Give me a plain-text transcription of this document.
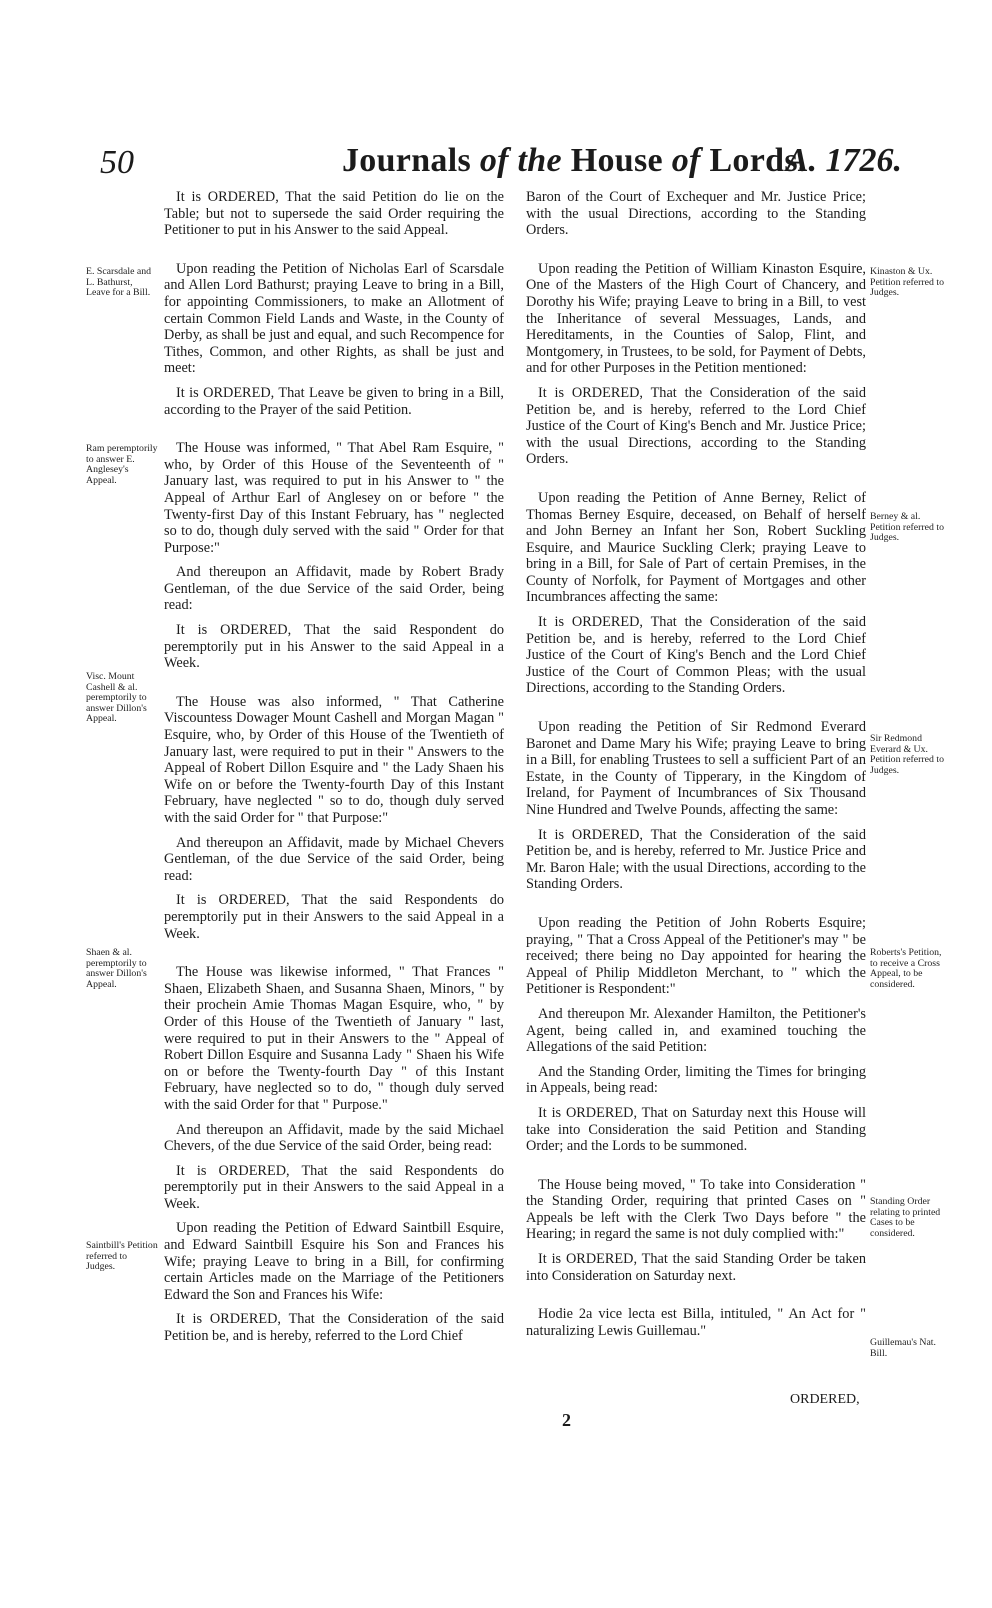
50	Journals of the House of Lords.
A. 1726.
E. Scarsdale and L. Bathurst, Leave for a Bill.
Ram peremptorily to answer E. Anglesey's Appeal.
Visc. Mount Cashell & al. peremptorily to answer Dillon's Appeal.
Shaen & al. peremptorily to answer Dillon's Appeal.
Saintbill's Petition referred to Judges.
Kinaston & Ux. Petition referred to Judges.
Berney & al. Petition referred to Judges.
Sir Redmond Everard & Ux. Petition referred to Judges.
Roberts's Petition, to receive a Cross Appeal, to be considered.
Standing Order relating to printed Cases to be considered.
Guillemau's Nat. Bill.

It is ORDERED, That the said Petition do lie on the Table; but not to supersede the said Order requiring the Petitioner to put in his Answer to the said Appeal.

Upon reading the Petition of Nicholas Earl of Scarsdale and Allen Lord Bathurst; praying Leave to bring in a Bill, for appointing Commissioners, to make an Allotment of certain Common Field Lands and Waste, in the County of Derby, as shall be just and equal, and such Recompence for Tithes, Common, and other Rights, as shall be just and meet:

It is ORDERED, That Leave be given to bring in a Bill, according to the Prayer of the said Petition.

The House was informed, " That Abel Ram Esquire, " who, by Order of this House of the Seventeenth of " January last, was required to put in his Answer to " the Appeal of Arthur Earl of Anglesey on or before " the Twenty-first Day of this Instant February, has " neglected so to do, though duly served with the said " Order for that Purpose:"

And thereupon an Affidavit, made by Robert Brady Gentleman, of the due Service of the said Order, being read:

It is ORDERED, That the said Respondent do peremptorily put in his Answer to the said Appeal in a Week.

The House was also informed, " That Catherine Viscountess Dowager Mount Cashell and Morgan Magan " Esquire, who, by Order of this House of the Twentieth of January last, were required to put in their " Answers to the Appeal of Robert Dillon Esquire and " the Lady Shaen his Wife on or before the Twenty-fourth Day of this Instant February, have neglected " so to do, though duly served with the said Order for " that Purpose:"

And thereupon an Affidavit, made by Michael Chevers Gentleman, of the due Service of the said Order, being read:

It is ORDERED, That the said Respondents do peremptorily put in their Answers to the said Appeal in a Week.

The House was likewise informed, " That Frances " Shaen, Elizabeth Shaen, and Susanna Shaen, Minors, " by their prochein Amie Thomas Magan Esquire, who, " by Order of this House of the Twentieth of January " last, were required to put in their Answers to the " Appeal of Robert Dillon Esquire and Susanna Lady " Shaen his Wife on or before the Twenty-fourth Day " of this Instant February, have neglected so to do, " though duly served with the said Order for that " Purpose."

And thereupon an Affidavit, made by the said Michael Chevers, of the due Service of the said Order, being read:

It is ORDERED, That the said Respondents do peremptorily put in their Answers to the said Appeal in a Week.

Upon reading the Petition of Edward Saintbill Esquire, and Edward Saintbill Esquire his Son and Frances his Wife; praying Leave to bring in a Bill, for confirming certain Articles made on the Marriage of the Petitioners Edward the Son and Frances his Wife:

It is ORDERED, That the Consideration of the said Petition be, and is hereby, referred to the Lord Chief

Baron of the Court of Exchequer and Mr. Justice Price; with the usual Directions, according to the Standing Orders.

Upon reading the Petition of William Kinaston Esquire, One of the Masters of the High Court of Chancery, and Dorothy his Wife; praying Leave to bring in a Bill, to vest the Inheritance of several Messuages, Lands, and Hereditaments, in the Counties of Salop, Flint, and Montgomery, in Trustees, to be sold, for Payment of Debts, and for other Purposes in the Petition mentioned:

It is ORDERED, That the Consideration of the said Petition be, and is hereby, referred to the Lord Chief Justice of the Court of King's Bench and Mr. Justice Price; with the usual Directions, according to the Standing Orders.

Upon reading the Petition of Anne Berney, Relict of Thomas Berney Esquire, deceased, on Behalf of herself and John Berney an Infant her Son, Robert Suckling Esquire, and Maurice Suckling Clerk; praying Leave to bring in a Bill, for Sale of Part of certain Premises, in the County of Norfolk, for Payment of Mortgages and other Incumbrances affecting the same:

It is ORDERED, That the Consideration of the said Petition be, and is hereby, referred to the Lord Chief Justice of the Court of King's Bench and the Lord Chief Justice of the Court of Common Pleas; with the usual Directions, according to the Standing Orders.

Upon reading the Petition of Sir Redmond Everard Baronet and Dame Mary his Wife; praying Leave to bring in a Bill, for enabling Trustees to sell a sufficient Part of an Estate, in the County of Tipperary, in the Kingdom of Ireland, for Payment of Incumbrances of Six Thousand Nine Hundred and Twelve Pounds, affecting the same:

It is ORDERED, That the Consideration of the said Petition be, and is hereby, referred to Mr. Justice Price and Mr. Baron Hale; with the usual Directions, according to the Standing Orders.

Upon reading the Petition of John Roberts Esquire; praying, " That a Cross Appeal of the Petitioner's may " be received; there being no Day appointed for hearing the Appeal of Philip Middleton Merchant, to " which the Petitioner is Respondent:"

And thereupon Mr. Alexander Hamilton, the Petitioner's Agent, being called in, and examined touching the Allegations of the said Petition:

And the Standing Order, limiting the Times for bringing in Appeals, being read:

It is ORDERED, That on Saturday next this House will take into Consideration the said Petition and Standing Order; and the Lords to be summoned.

The House being moved, " To take into Consideration " the Standing Order, requiring that printed Cases on " Appeals be left with the Clerk Two Days before " the Hearing; in regard the same is not duly complied with:"

It is ORDERED, That the said Standing Order be taken into Consideration on Saturday next.

Hodie 2a vice lecta est Billa, intituled, " An Act for " naturalizing Lewis Guillemau."

ORDERED,
2
